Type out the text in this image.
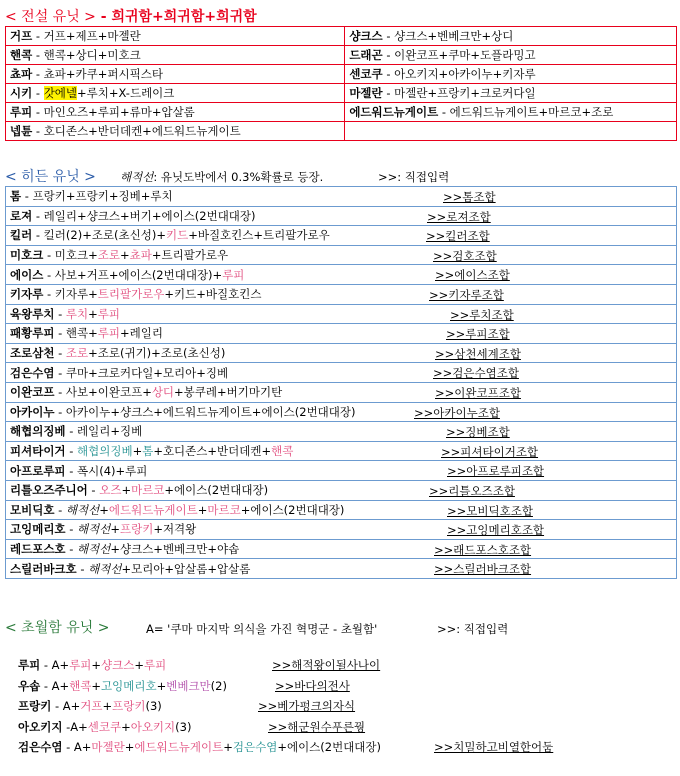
< 전설 유닛 > - 희귀함+희귀함+희귀함
거프 - 거프+제프+마젤란	샹크스 - 샹크스+벤베크만+상디
핸콕 - 핸콕+상디+미호크	드래곤 - 이완코프+쿠마+도플라밍고
쵸파 - 쵸파+카쿠+퍼시픽스타	센코쿠 - 아오키지+아카이누+키자루
시키 - 갓에넬+루치+X-드레이크	마젤란 - 마젤란+프랑키+크로커다일
루피 - 마인오즈+루피+류마+압살롬	에드워드뉴게이트 - 에드워드뉴게이트+마르코+조로
넵튠 - 호디존스+반더데켄+에드워드뉴게이트	
< 히든 유닛 > 해적선: 유닛도박에서 0.3%확률로 등장.	>>: 직접입력
톰 - 프랑키+프랑키+징베+루치	>>톰조합

로져 - 레일리+샹크스+버기+에이스(2번대대장)	>>로져조합

킬러 - 킬러(2)+조로(초신성)+키드+바질호킨스+트리팔가로우	>>킬러조합

미호크 - 미호크+조로+쵸파+트리팔가로우	>>검호조합

에이스 - 사보+거프+에이스(2번대대장)+루피	>>에이스조합

키자루 - 키자루+트리팔가로우+키드+바질호킨스	>>키자루조합

육왕루치 - 루치+루피	>>루치조합

패황루피 - 핸콕+루피+레일리	>>루피조합

조로삼천 - 조로+조로(귀기)+조로(초신성)	>>삼천세계조합

검은수염 - 쿠마+크로커다일+모리아+징베	>>검은수염조합

이완코프 - 사보+이완코프+상디+봉쿠레+버기마기탄	>>이완코프조합

아카이누 - 아카이누+샹크스+에드워드뉴게이트+에이스(2번대대장)	>>아카이누조합

해협의징베 - 레일리+징베	>>징베조합

피셔타이거 - 해협의징베+톰+호디존스+반더데켄+핸콕	>>피셔타이거조합

아프로루피 - 폭시(4)+루피	>>아프로루피조합

리틀오즈주니어 - 오즈+마르코+에이스(2번대대장)	>>리틀오즈조합

모비딕호 - 해적선+에드워드뉴게이트+마르코+에이스(2번대대장)	>>모비딕호조합

고잉메리호 - 해적선+프랑키+저격왕	>>고잉메리호조합

레드포스호 - 해적선+샹크스+벤베크만+야솝	>>래드포스호조합

스릴러바크호 - 해적선+모리아+압살롬+압살롬	>>스릴러바크조합
< 초월함 유닛 >	A= '쿠마 마지막 의식을 가진 혁명군 - 초월함'	>>: 직접입력
루피 - A+루피+샹크스+루피	>>해적왕이될사나이
우솝 - A+핸콕+고잉메리호+벤베크만(2)	>>바다의전사
프랑키 - A+거프+프랑키(3)	>>베가펑크의자식
아오키지 -A+센코쿠+아오키지(3)	>>해군원수푸른꿩
검은수염 - A+마젤란+에드워드뉴게이트+검은수염+에이스(2번대대장)	>>치밀하고비열한어둠
